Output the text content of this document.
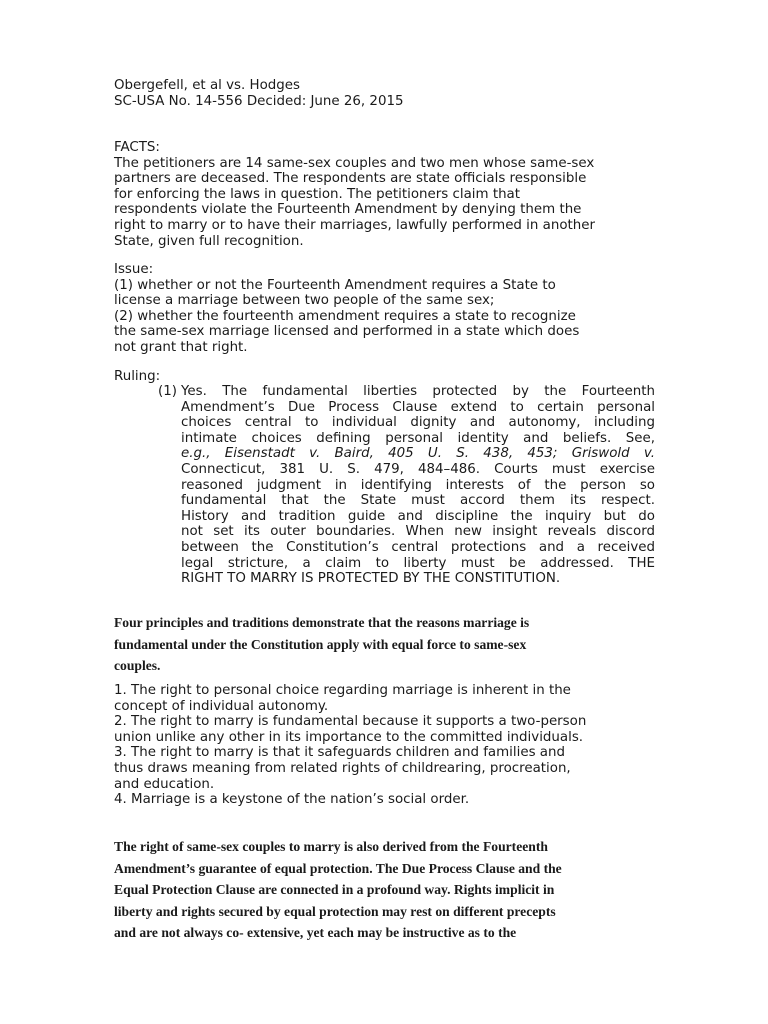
Obergefell, et al vs. Hodges
SC-USA No. 14-556 Decided: June 26, 2015
FACTS:
The petitioners are 14 same-sex couples and two men whose same-sex
partners are deceased. The respondents are state officials responsible
for enforcing the laws in question. The petitioners claim that
respondents violate the Fourteenth Amendment by denying them the
right to marry or to have their marriages, lawfully performed in another
State, given full recognition.
Issue:
(1) whether or not the Fourteenth Amendment requires a State to
license a marriage between two people of the same sex;
(2) whether the fourteenth amendment requires a state to recognize
the same-sex marriage licensed and performed in a state which does
not grant that right.
Ruling:
(1) Yes. The fundamental liberties protected by the Fourteenth
Amendment’s Due Process Clause extend to certain personal
choices central to individual dignity and autonomy, including
intimate choices defining personal identity and beliefs. See,
e.g., Eisenstadt v. Baird, 405 U. S. 438, 453; Griswold v.
Connecticut, 381 U. S. 479, 484–486. Courts must exercise
reasoned judgment in identifying interests of the person so
fundamental that the State must accord them its respect.
History and tradition guide and discipline the inquiry but do
not set its outer boundaries. When new insight reveals discord
between the Constitution’s central protections and a received
legal stricture, a claim to liberty must be addressed. THE
RIGHT TO MARRY IS PROTECTED BY THE CONSTITUTION.
Four principles and traditions demonstrate that the reasons marriage is
fundamental under the Constitution apply with equal force to same-sex
couples.
1. The right to personal choice regarding marriage is inherent in the
concept of individual autonomy.
2. The right to marry is fundamental because it supports a two-person
union unlike any other in its importance to the committed individuals.
3. The right to marry is that it safeguards children and families and
thus draws meaning from related rights of childrearing, procreation,
and education.
4. Marriage is a keystone of the nation’s social order.
The right of same-sex couples to marry is also derived from the Fourteenth
Amendment’s guarantee of equal protection. The Due Process Clause and the
Equal Protection Clause are connected in a profound way. Rights implicit in
liberty and rights secured by equal protection may rest on different precepts
and are not always co- extensive, yet each may be instructive as to the
